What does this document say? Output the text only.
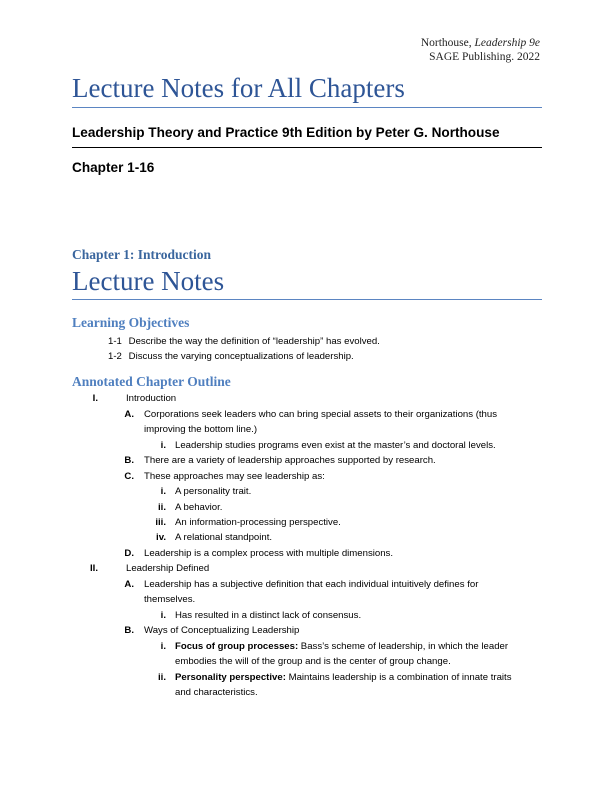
Northouse, Leadership 9e
SAGE Publishing. 2022
Lecture Notes for All Chapters
Leadership Theory and Practice 9th Edition by Peter G. Northouse
Chapter 1-16
Chapter 1: Introduction
Lecture Notes
Learning Objectives
1-1 Describe the way the definition of “leadership” has evolved.
1-2 Discuss the varying conceptualizations of leadership.
Annotated Chapter Outline
I.	Introduction
A. Corporations seek leaders who can bring special assets to their organizations (thus
improving the bottom line.)
i. Leadership studies programs even exist at the master’s and doctoral levels.
B. There are a variety of leadership approaches supported by research.
C. These approaches may see leadership as:
i. A personality trait.
ii. A behavior.
iii. An information-processing perspective.
iv. A relational standpoint.
D. Leadership is a complex process with multiple dimensions.
II.	Leadership Defined
A. Leadership has a subjective definition that each individual intuitively defines for
themselves.
i. Has resulted in a distinct lack of consensus.
B. Ways of Conceptualizing Leadership
i. Focus of group processes: Bass’s scheme of leadership, in which the leader
embodies the will of the group and is the center of group change.
ii. Personality perspective: Maintains leadership is a combination of innate traits
and characteristics.
